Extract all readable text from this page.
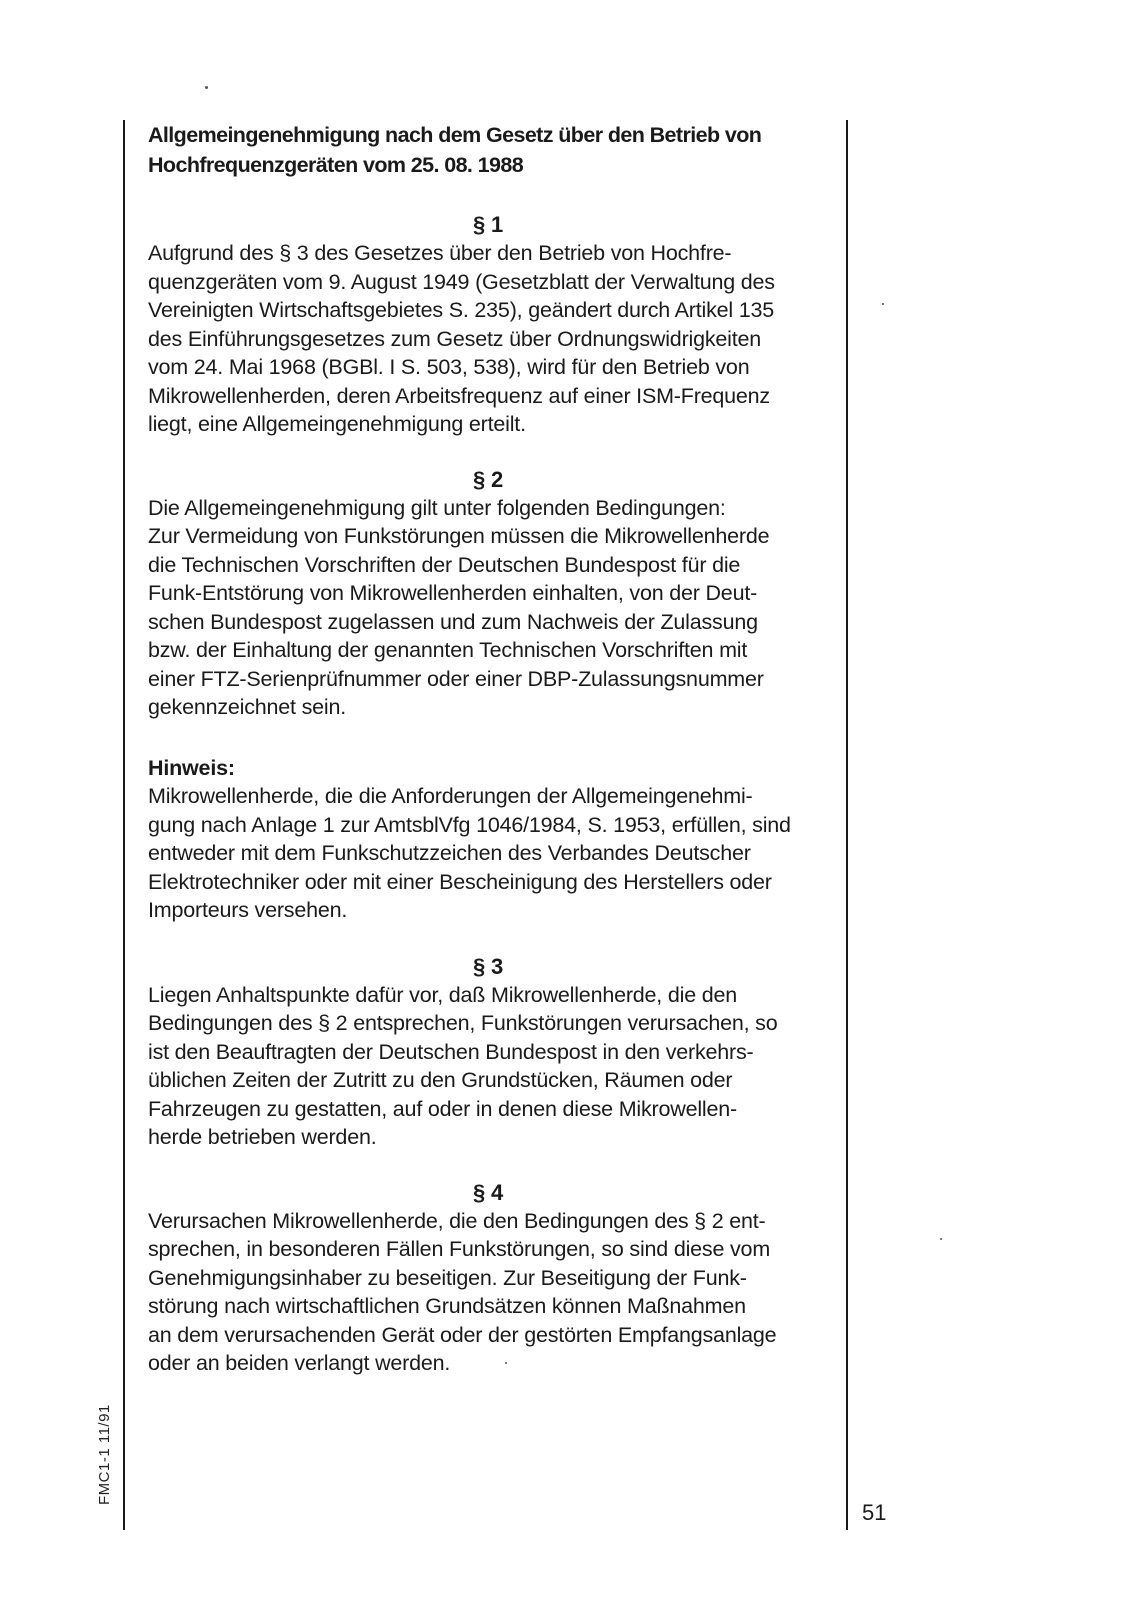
Allgemeingenehmigung nach dem Gesetz über den Betrieb von
Hochfrequenzgeräten vom 25. 08. 1988
§ 1
Aufgrund des § 3 des Gesetzes über den Betrieb von Hochfre-
quenzgeräten vom 9. August 1949 (Gesetzblatt der Verwaltung des
Vereinigten Wirtschaftsgebietes S. 235), geändert durch Artikel 135
des Einführungsgesetzes zum Gesetz über Ordnungswidrigkeiten
vom 24. Mai 1968 (BGBl. I S. 503, 538), wird für den Betrieb von
Mikrowellenherden, deren Arbeitsfrequenz auf einer ISM-Frequenz
liegt, eine Allgemeingenehmigung erteilt.
§ 2
Die Allgemeingenehmigung gilt unter folgenden Bedingungen:
Zur Vermeidung von Funkstörungen müssen die Mikrowellenherde
die Technischen Vorschriften der Deutschen Bundespost für die
Funk-Entstörung von Mikrowellenherden einhalten, von der Deut-
schen Bundespost zugelassen und zum Nachweis der Zulassung
bzw. der Einhaltung der genannten Technischen Vorschriften mit
einer FTZ-Serienprüfnummer oder einer DBP-Zulassungsnummer
gekennzeichnet sein.
Hinweis:
Mikrowellenherde, die die Anforderungen der Allgemeingenehmi-
gung nach Anlage 1 zur AmtsblVfg 1046/1984, S. 1953, erfüllen, sind
entweder mit dem Funkschutzzeichen des Verbandes Deutscher
Elektrotechniker oder mit einer Bescheinigung des Herstellers oder
Importeurs versehen.
§ 3
Liegen Anhaltspunkte dafür vor, daß Mikrowellenherde, die den
Bedingungen des § 2 entsprechen, Funkstörungen verursachen, so
ist den Beauftragten der Deutschen Bundespost in den verkehrs-
üblichen Zeiten der Zutritt zu den Grundstücken, Räumen oder
Fahrzeugen zu gestatten, auf oder in denen diese Mikrowellen-
herde betrieben werden.
§ 4
Verursachen Mikrowellenherde, die den Bedingungen des § 2 ent-
sprechen, in besonderen Fällen Funkstörungen, so sind diese vom
Genehmigungsinhaber zu beseitigen. Zur Beseitigung der Funk-
störung nach wirtschaftlichen Grundsätzen können Maßnahmen
an dem verursachenden Gerät oder der gestörten Empfangsanlage
oder an beiden verlangt werden.
FMC1-1 11/91
51
